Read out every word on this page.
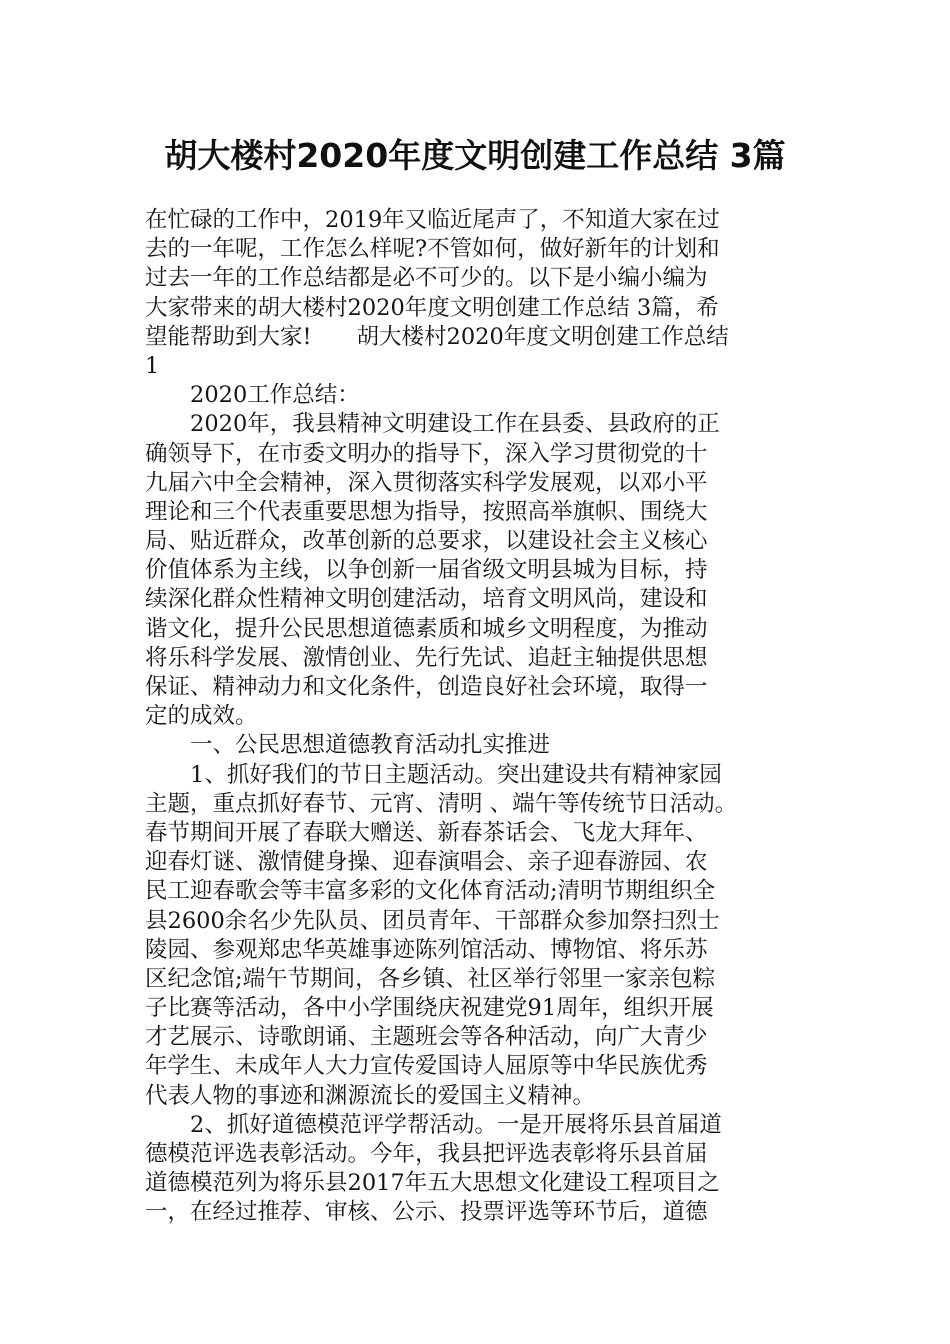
胡大楼村2020年度文明创建工作总结 3篇
在忙碌的工作中，2019年又临近尾声了，不知道大家在过
去的一年呢，工作怎么样呢?不管如何，做好新年的计划和
过去一年的工作总结都是必不可少的。以下是小编小编为
大家带来的胡大楼村2020年度文明创建工作总结 3篇，希
望能帮助到大家!　　胡大楼村2020年度文明创建工作总结
1
　　2020工作总结：
　　2020年，我县精神文明建设工作在县委、县政府的正
确领导下，在市委文明办的指导下，深入学习贯彻党的十
九届六中全会精神，深入贯彻落实科学发展观，以邓小平
理论和三个代表重要思想为指导，按照高举旗帜、围绕大
局、贴近群众，改革创新的总要求，以建设社会主义核心
价值体系为主线，以争创新一届省级文明县城为目标，持
续深化群众性精神文明创建活动，培育文明风尚，建设和
谐文化，提升公民思想道德素质和城乡文明程度，为推动
将乐科学发展、激情创业、先行先试、追赶主轴提供思想
保证、精神动力和文化条件，创造良好社会环境，取得一
定的成效。
　　一、公民思想道德教育活动扎实推进
　　1、抓好我们的节日主题活动。突出建设共有精神家园
主题，重点抓好春节、元宵、清明 、端午等传统节日活动。
春节期间开展了春联大赠送、新春茶话会、飞龙大拜年、
迎春灯谜、激情健身操、迎春演唱会、亲子迎春游园、农
民工迎春歌会等丰富多彩的文化体育活动;清明节期组织全
县2600余名少先队员、团员青年、干部群众参加祭扫烈士
陵园、参观郑忠华英雄事迹陈列馆活动、博物馆、将乐苏
区纪念馆;端午节期间，各乡镇、社区举行邻里一家亲包粽
子比赛等活动，各中小学围绕庆祝建党91周年，组织开展
才艺展示、诗歌朗诵、主题班会等各种活动，向广大青少
年学生、未成年人大力宣传爱国诗人屈原等中华民族优秀
代表人物的事迹和渊源流长的爱国主义精神。
　　2、抓好道德模范评学帮活动。一是开展将乐县首届道
德模范评选表彰活动。今年，我县把评选表彰将乐县首届
道德模范列为将乐县2017年五大思想文化建设工程项目之
一，在经过推荐、审核、公示、投票评选等环节后，道德
